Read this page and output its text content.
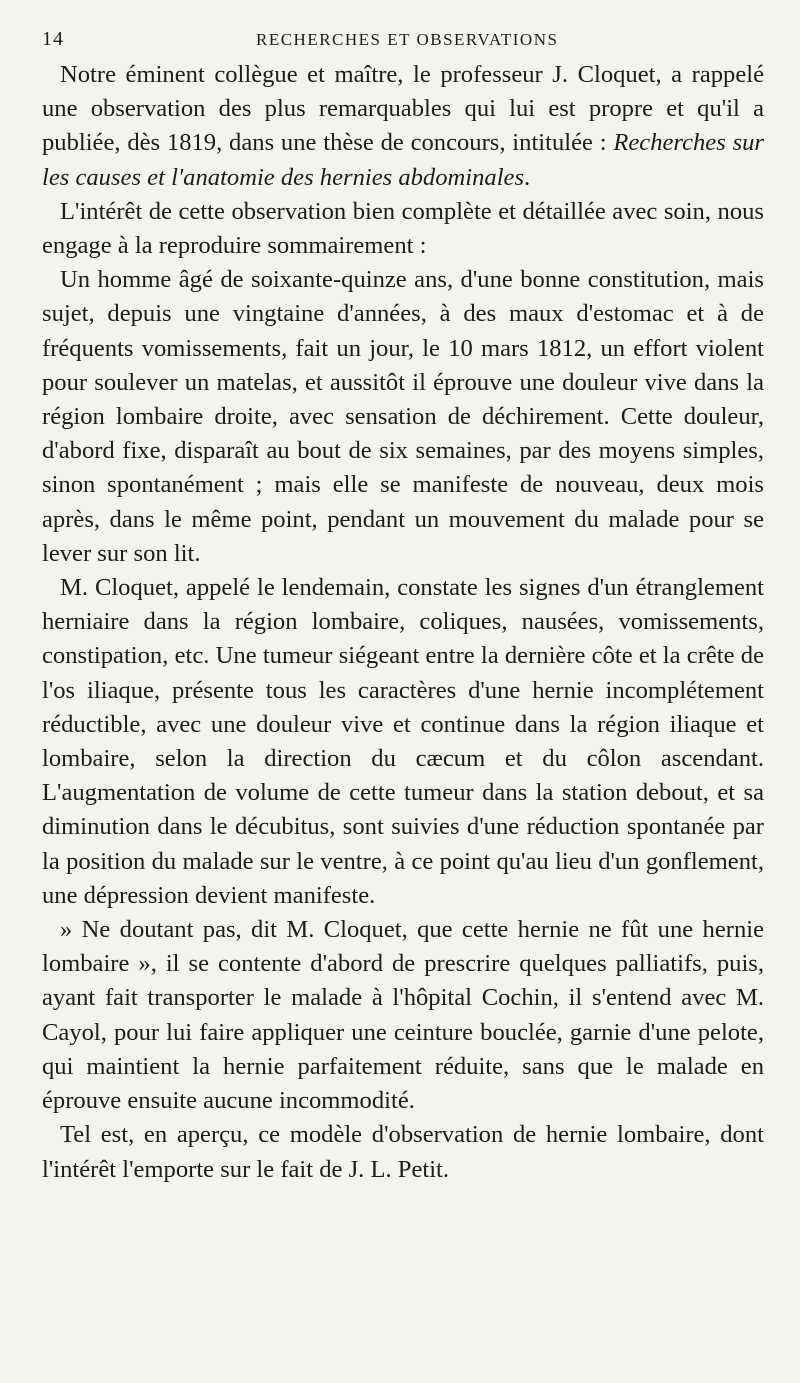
14	RECHERCHES ET OBSERVATIONS

Notre éminent collègue et maître, le professeur J. Cloquet, a rappelé une observation des plus remarquables qui lui est propre et qu'il a publiée, dès 1819, dans une thèse de concours, intitulée : Recherches sur les causes et l'anatomie des hernies abdominales.

L'intérêt de cette observation bien complète et détaillée avec soin, nous engage à la reproduire sommairement :

Un homme âgé de soixante-quinze ans, d'une bonne constitution, mais sujet, depuis une vingtaine d'années, à des maux d'estomac et à de fréquents vomissements, fait un jour, le 10 mars 1812, un effort violent pour soulever un matelas, et aussitôt il éprouve une douleur vive dans la région lombaire droite, avec sensation de déchirement. Cette douleur, d'abord fixe, disparaît au bout de six semaines, par des moyens simples, sinon spontanément ; mais elle se manifeste de nouveau, deux mois après, dans le même point, pendant un mouvement du malade pour se lever sur son lit.

M. Cloquet, appelé le lendemain, constate les signes d'un étranglement herniaire dans la région lombaire, coliques, nausées, vomissements, constipation, etc. Une tumeur siégeant entre la dernière côte et la crête de l'os iliaque, présente tous les caractères d'une hernie incomplétement réductible, avec une douleur vive et continue dans la région iliaque et lombaire, selon la direction du cæcum et du côlon ascendant. L'augmentation de volume de cette tumeur dans la station debout, et sa diminution dans le décubitus, sont suivies d'une réduction spontanée par la position du malade sur le ventre, à ce point qu'au lieu d'un gonflement, une dépression devient manifeste.

» Ne doutant pas, dit M. Cloquet, que cette hernie ne fût une hernie lombaire », il se contente d'abord de prescrire quelques palliatifs, puis, ayant fait transporter le malade à l'hôpital Cochin, il s'entend avec M. Cayol, pour lui faire appliquer une ceinture bouclée, garnie d'une pelote, qui maintient la hernie parfaitement réduite, sans que le malade en éprouve ensuite aucune incommodité.

Tel est, en aperçu, ce modèle d'observation de hernie lombaire, dont l'intérêt l'emporte sur le fait de J. L. Petit.
